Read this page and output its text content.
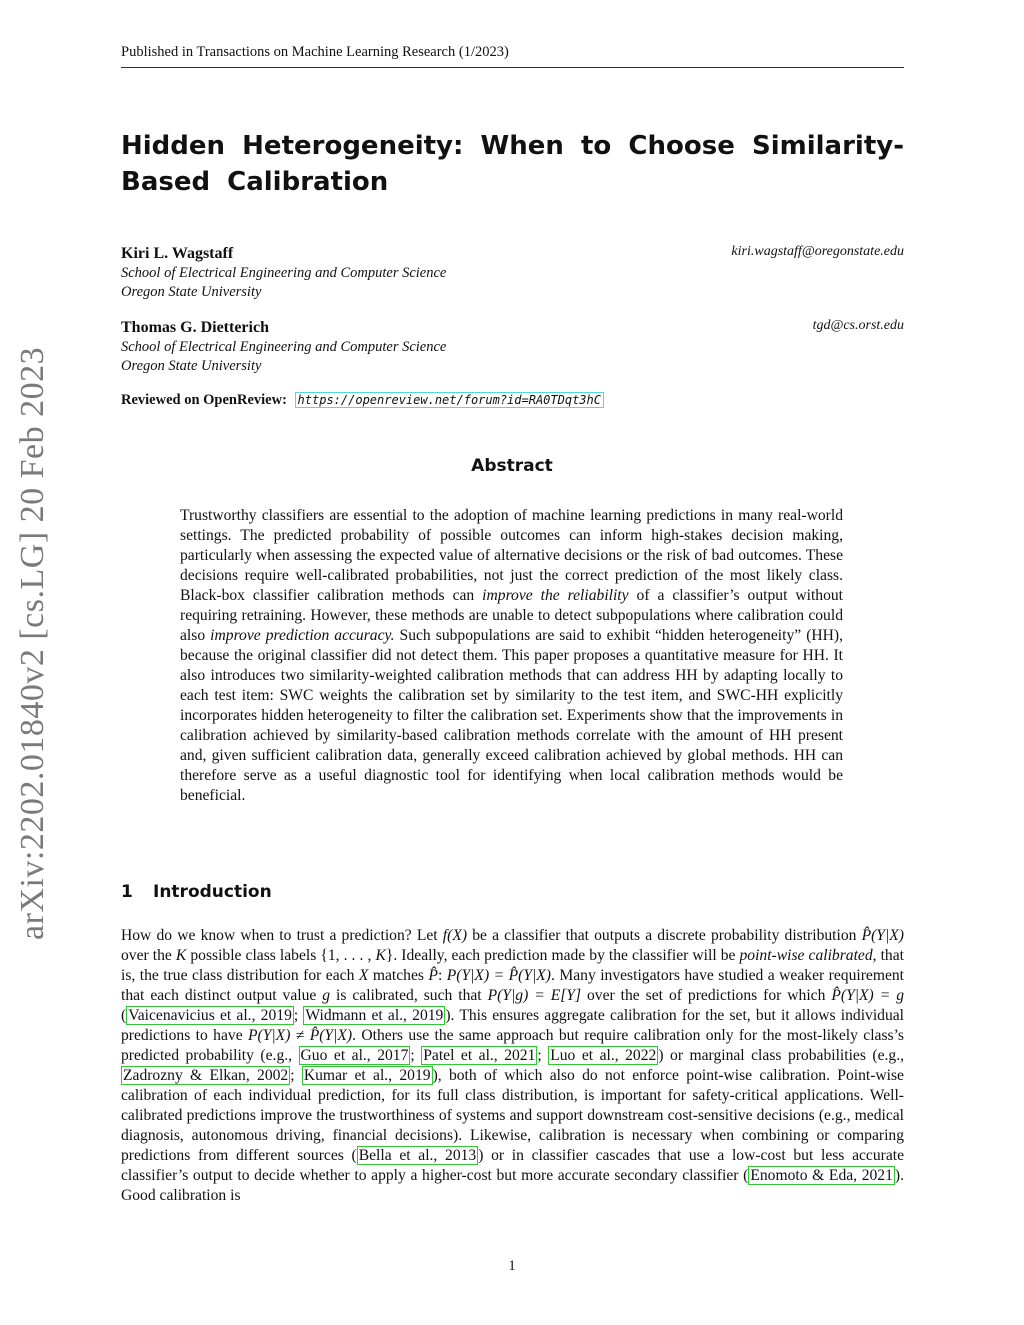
Published in Transactions on Machine Learning Research (1/2023)
arXiv:2202.01840v2 [cs.LG] 20 Feb 2023
Hidden Heterogeneity: When to Choose Similarity-Based Calibration
Kiri L. Wagstaff	kiri.wagstaff@oregonstate.edu
School of Electrical Engineering and Computer Science
Oregon State University
Thomas G. Dietterich	tgd@cs.orst.edu
School of Electrical Engineering and Computer Science
Oregon State University
Reviewed on OpenReview: https://openreview.net/forum?id=RA0TDqt3hC
Abstract
Trustworthy classifiers are essential to the adoption of machine learning predictions in many real-world settings. The predicted probability of possible outcomes can inform high-stakes decision making, particularly when assessing the expected value of alternative decisions or the risk of bad outcomes. These decisions require well-calibrated probabilities, not just the correct prediction of the most likely class. Black-box classifier calibration methods can improve the reliability of a classifier’s output without requiring retraining. However, these methods are unable to detect subpopulations where calibration could also improve prediction accuracy. Such subpopulations are said to exhibit “hidden heterogeneity” (HH), because the original classifier did not detect them. This paper proposes a quantitative measure for HH. It also introduces two similarity-weighted calibration methods that can address HH by adapting locally to each test item: SWC weights the calibration set by similarity to the test item, and SWC-HH explicitly incorporates hidden heterogeneity to filter the calibration set. Experiments show that the improvements in calibration achieved by similarity-based calibration methods correlate with the amount of HH present and, given sufficient calibration data, generally exceed calibration achieved by global methods. HH can therefore serve as a useful diagnostic tool for identifying when local calibration methods would be beneficial.
1 Introduction
How do we know when to trust a prediction? Let f(X) be a classifier that outputs a discrete probability distribution P̂(Y|X) over the K possible class labels {1, . . . , K}. Ideally, each prediction made by the classifier will be point-wise calibrated, that is, the true class distribution for each X matches P̂: P(Y|X) = P̂(Y|X). Many investigators have studied a weaker requirement that each distinct output value g is calibrated, such that P(Y|g) = E[Y] over the set of predictions for which P̂(Y|X) = g ( Vaicenavicius et al., 2019 ; Widmann et al., 2019 ). This ensures aggregate calibration for the set, but it allows individual predictions to have P(Y|X) ≠ P̂(Y|X). Others use the same approach but require calibration only for the most-likely class’s predicted probability (e.g., Guo et al., 2017 ; Patel et al., 2021 ; Luo et al., 2022 ) or marginal class probabilities (e.g., Zadrozny & Elkan, 2002 ; Kumar et al., 2019 ), both of which also do not enforce point-wise calibration. Point-wise calibration of each individual prediction, for its full class distribution, is important for safety-critical applications. Well-calibrated predictions improve the trustworthiness of systems and support downstream cost-sensitive decisions (e.g., medical diagnosis, autonomous driving, financial decisions). Likewise, calibration is necessary when combining or comparing predictions from different sources ( Bella et al., 2013 ) or in classifier cascades that use a low-cost but less accurate classifier’s output to decide whether to apply a higher-cost but more accurate secondary classifier ( Enomoto & Eda, 2021 ). Good calibration is
1
